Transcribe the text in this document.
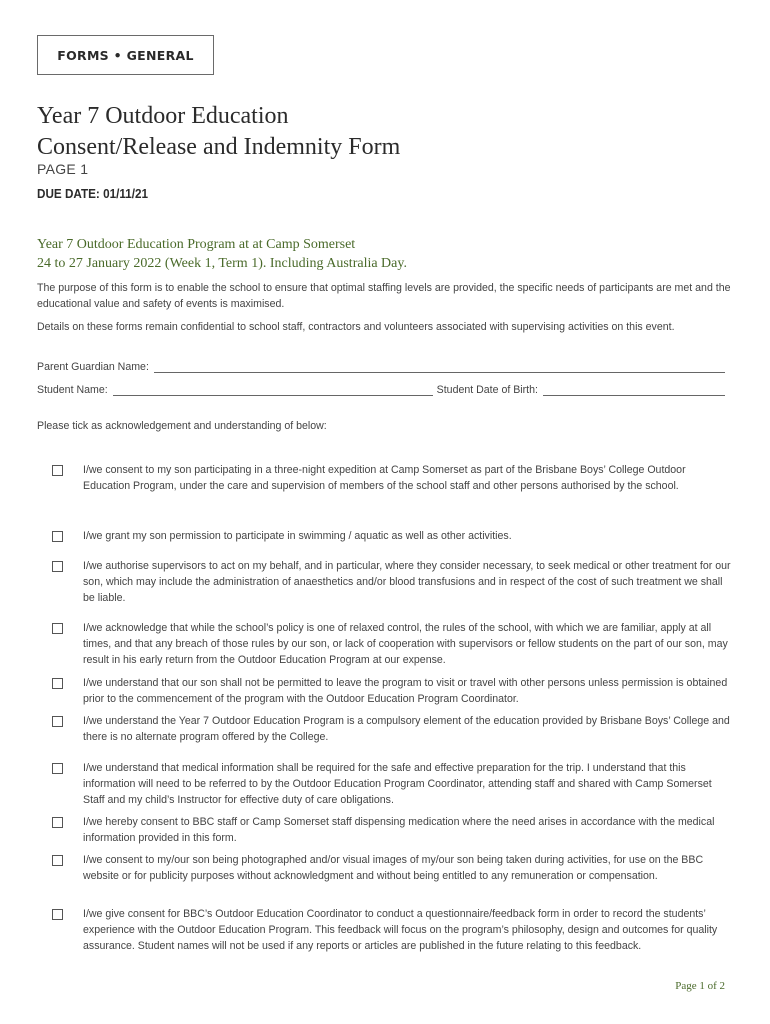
FORMS • GENERAL
Year 7 Outdoor Education
Consent/Release and Indemnity Form
PAGE 1
DUE DATE: 01/11/21
Year 7 Outdoor Education Program at at Camp Somerset
24 to 27 January 2022 (Week 1, Term 1). Including Australia Day.
The purpose of this form is to enable the school to ensure that optimal staffing levels are provided, the specific needs of participants are met and the educational value and safety of events is maximised.
Details on these forms remain confidential to school staff, contractors and volunteers associated with supervising activities on this event.
Parent Guardian Name:
Student Name:	Student Date of Birth:
Please tick as acknowledgement and understanding of below:
I/we consent to my son participating in a three-night expedition at Camp Somerset as part of the Brisbane Boys’ College Outdoor Education Program, under the care and supervision of members of the school staff and other persons authorised by the school.
I/we grant my son permission to participate in swimming / aquatic as well as other activities.
I/we authorise supervisors to act on my behalf, and in particular, where they consider necessary, to seek medical or other treatment for our son, which may include the administration of anaesthetics and/or blood transfusions and in respect of the cost of such treatment we shall be liable.
I/we acknowledge that while the school’s policy is one of relaxed control, the rules of the school, with which we are familiar, apply at all times, and that any breach of those rules by our son, or lack of cooperation with supervisors or fellow students on the part of our son, may result in his early return from the Outdoor Education Program at our expense.
I/we understand that our son shall not be permitted to leave the program to visit or travel with other persons unless permission is obtained prior to the commencement of the program with the Outdoor Education Program Coordinator.
I/we understand the Year 7 Outdoor Education Program is a compulsory element of the education provided by Brisbane Boys’ College and there is no alternate program offered by the College.
I/we understand that medical information shall be required for the safe and effective preparation for the trip. I understand that this information will need to be referred to by the Outdoor Education Program Coordinator, attending staff and shared with Camp Somerset Staff and my child’s Instructor for effective duty of care obligations.
I/we hereby consent to BBC staff or Camp Somerset staff dispensing medication where the need arises in accordance with the medical information provided in this form.
I/we consent to my/our son being photographed and/or visual images of my/our son being taken during activities, for use on the BBC website or for publicity purposes without acknowledgment and without being entitled to any remuneration or compensation.
I/we give consent for BBC’s Outdoor Education Coordinator to conduct a questionnaire/feedback form in order to record the students’ experience with the Outdoor Education Program. This feedback will focus on the program’s philosophy, design and outcomes for quality assurance. Student names will not be used if any reports or articles are published in the future relating to this feedback.
Page 1 of 2
